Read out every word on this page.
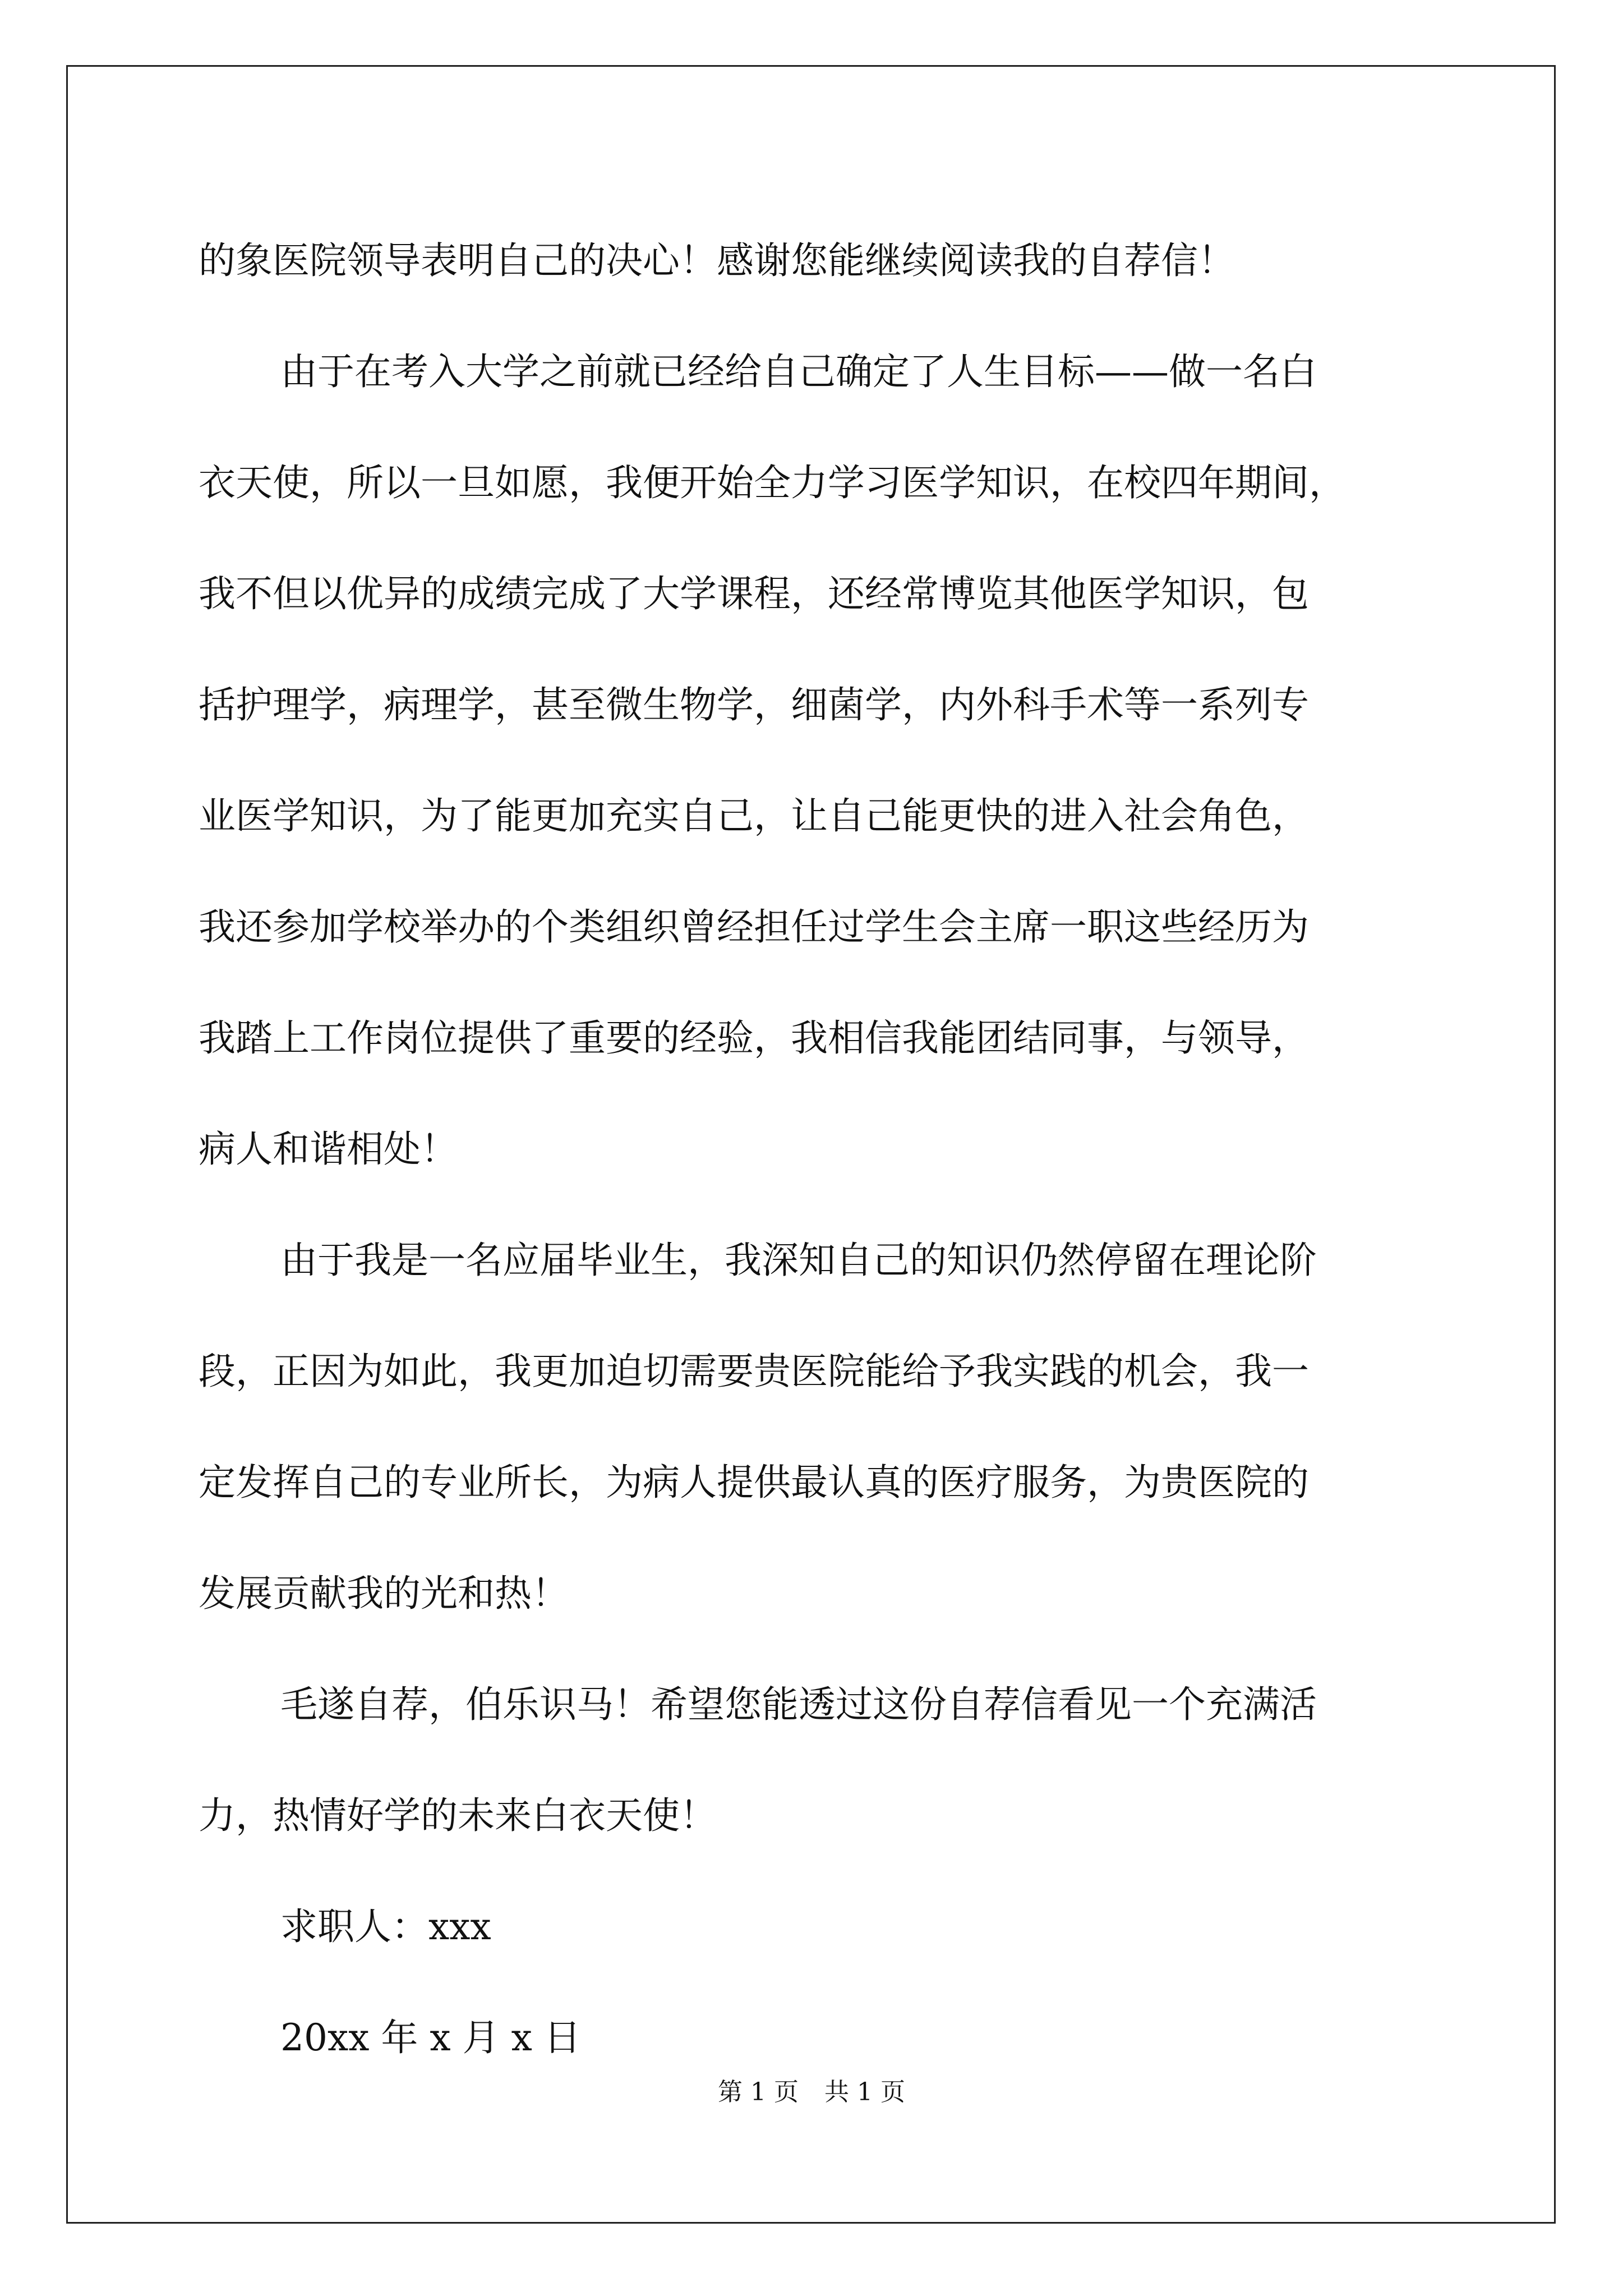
的象医院领导表明自己的决心！感谢您能继续阅读我的自荐信！

由于在考入大学之前就已经给自己确定了人生目标——做一名白

衣天使，所以一旦如愿，我便开始全力学习医学知识，在校四年期间，

我不但以优异的成绩完成了大学课程，还经常博览其他医学知识，包

括护理学，病理学，甚至微生物学，细菌学，内外科手术等一系列专

业医学知识，为了能更加充实自己，让自己能更快的进入社会角色，

我还参加学校举办的个类组织曾经担任过学生会主席一职这些经历为

我踏上工作岗位提供了重要的经验，我相信我能团结同事，与领导，

病人和谐相处！

由于我是一名应届毕业生，我深知自己的知识仍然停留在理论阶

段，正因为如此，我更加迫切需要贵医院能给予我实践的机会，我一

定发挥自己的专业所长，为病人提供最认真的医疗服务，为贵医院的

发展贡献我的光和热！

毛遂自荐，伯乐识马！希望您能透过这份自荐信看见一个充满活

力，热情好学的未来白衣天使！

求职人：xxx

20xx 年 x 月 x 日

第 1 页 共 1 页
